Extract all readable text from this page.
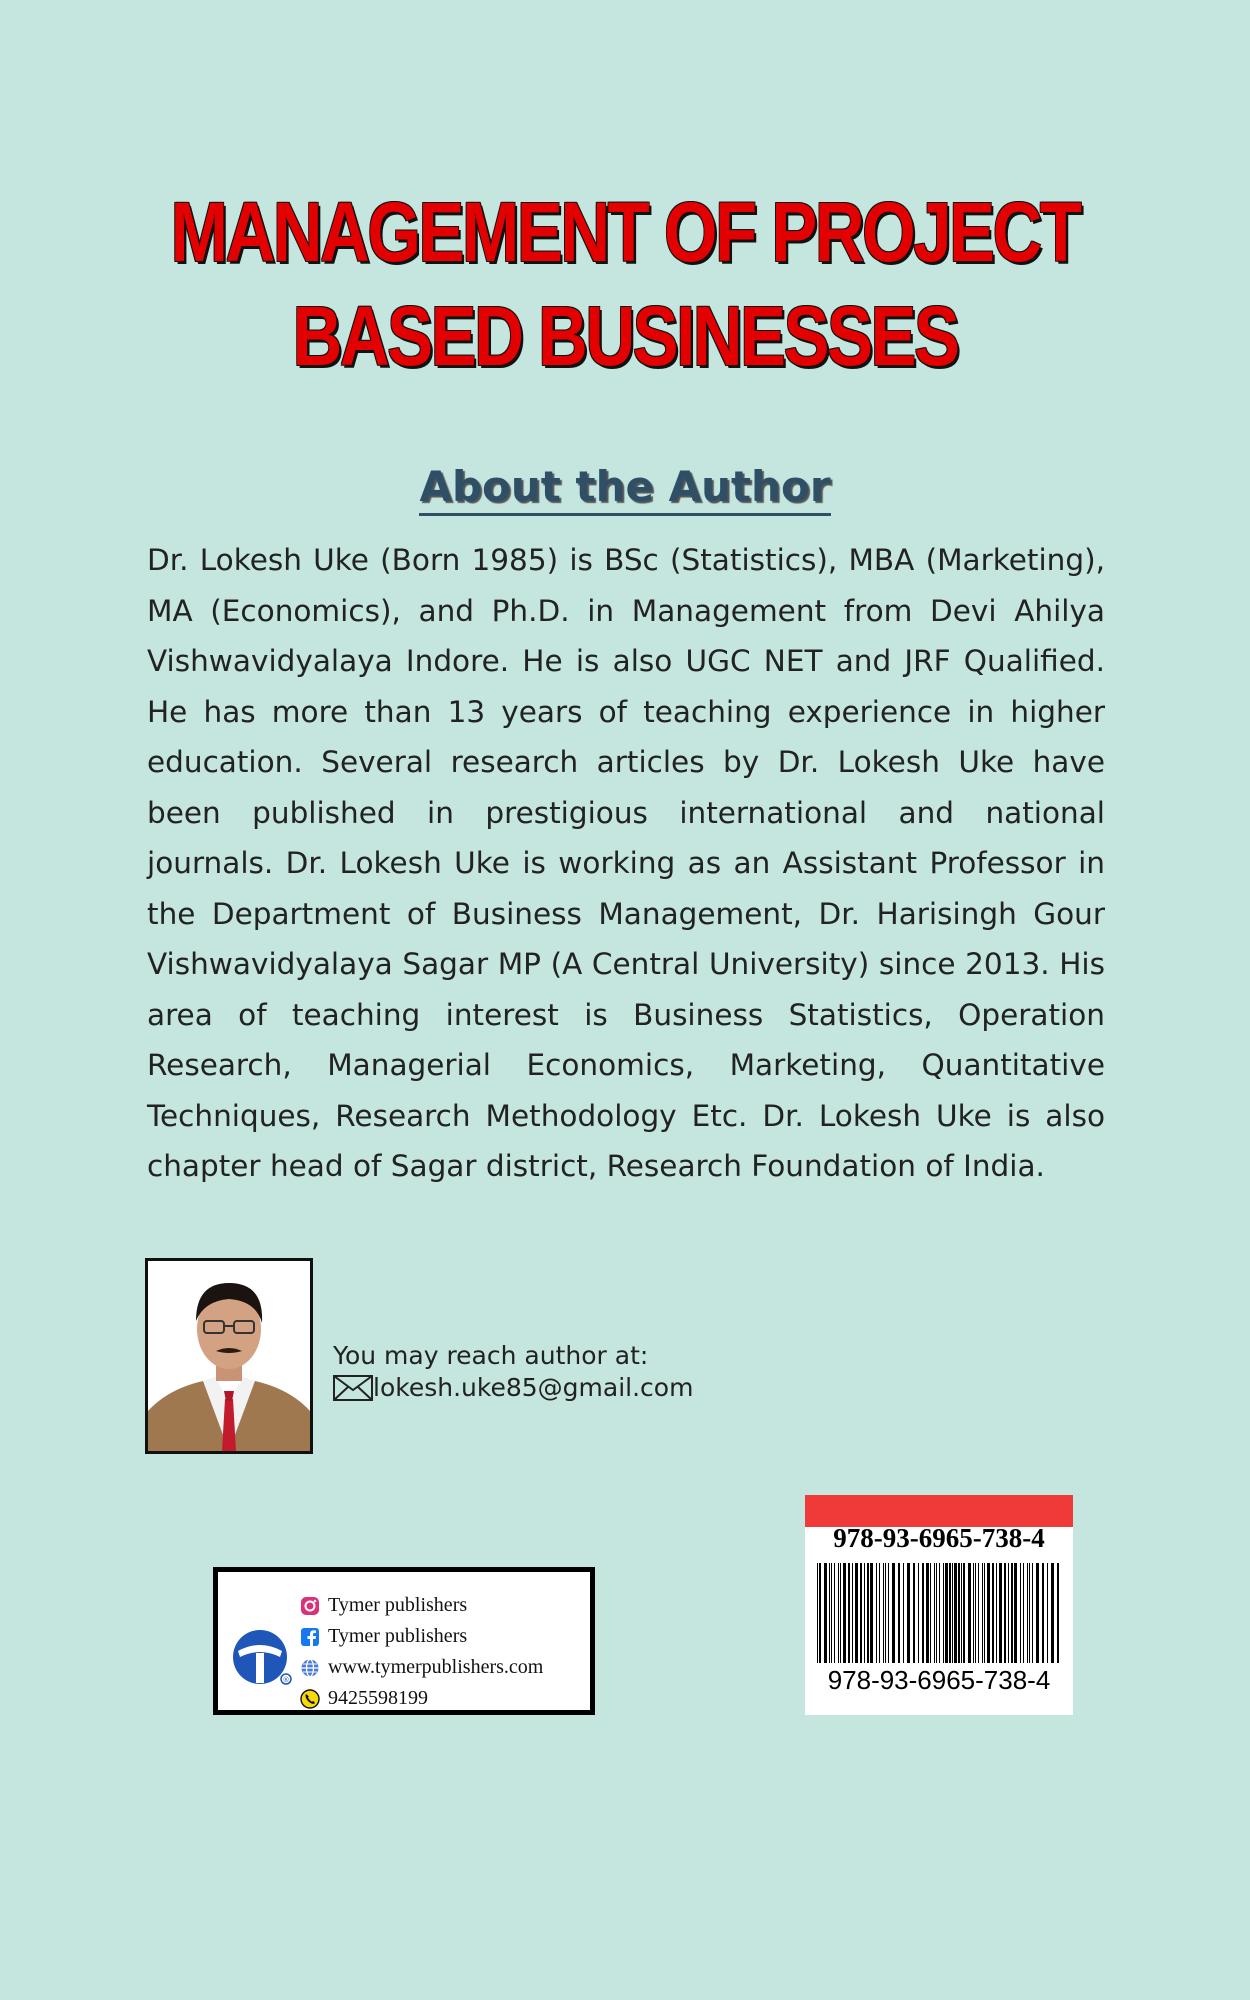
MANAGEMENT OF PROJECT
BASED BUSINESSES
About the Author

Dr. Lokesh Uke (Born 1985) is BSc (Statistics), MBA (Marketing), MA (Economics), and Ph.D. in Management from Devi Ahilya Vishwavidyalaya Indore. He is also UGC NET and JRF Qualified. He has more than 13 years of teaching experience in higher education. Several research articles by Dr. Lokesh Uke have been published in prestigious international and national journals. Dr. Lokesh Uke is working as an Assistant Professor in the Department of Business Management, Dr. Harisingh Gour Vishwavidyalaya Sagar MP (A Central University) since 2013. His area of teaching interest is Business Statistics, Operation Research, Managerial Economics, Marketing, Quantitative Techniques, Research Methodology Etc. Dr. Lokesh Uke is also chapter head of Sagar district, Research Foundation of India.

You may reach author at:
lokesh.uke85@gmail.com
®
Tymer publishers
Tymer publishers
www.tymerpublishers.com
9425598199
978-93-6965-738-4
978-93-6965-738-4
